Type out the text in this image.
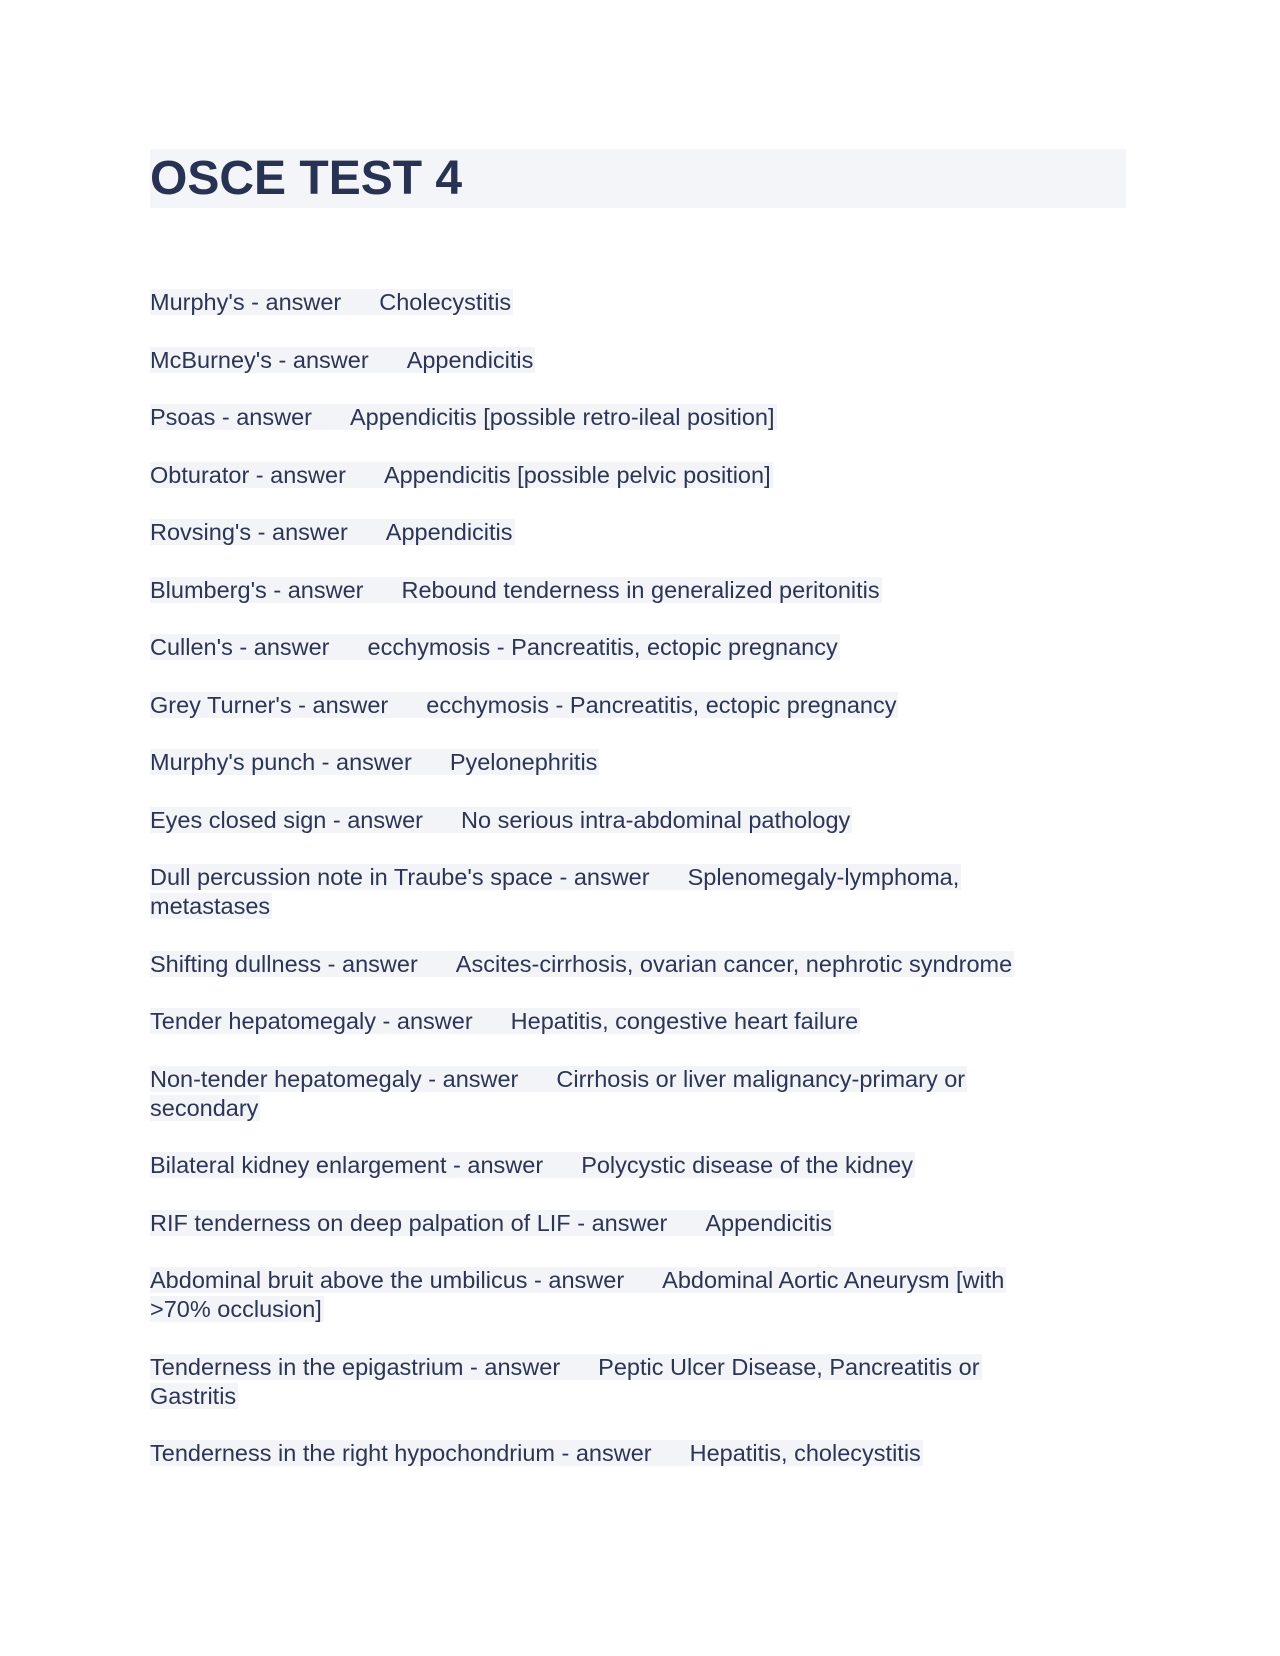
OSCE TEST 4
Murphy's - answer Cholecystitis
McBurney's - answer Appendicitis
Psoas - answer Appendicitis [possible retro-ileal position]
Obturator - answer Appendicitis [possible pelvic position]
Rovsing's - answer Appendicitis
Blumberg's - answer Rebound tenderness in generalized peritonitis
Cullen's - answer ecchymosis - Pancreatitis, ectopic pregnancy
Grey Turner's - answer ecchymosis - Pancreatitis, ectopic pregnancy
Murphy's punch - answer Pyelonephritis
Eyes closed sign - answer No serious intra-abdominal pathology
Dull percussion note in Traube's space - answer Splenomegaly-lymphoma, metastases
Shifting dullness - answer Ascites-cirrhosis, ovarian cancer, nephrotic syndrome
Tender hepatomegaly - answer Hepatitis, congestive heart failure
Non-tender hepatomegaly - answer Cirrhosis or liver malignancy-primary or secondary
Bilateral kidney enlargement - answer Polycystic disease of the kidney
RIF tenderness on deep palpation of LIF - answer Appendicitis
Abdominal bruit above the umbilicus - answer Abdominal Aortic Aneurysm [with >70% occlusion]
Tenderness in the epigastrium - answer Peptic Ulcer Disease, Pancreatitis or Gastritis
Tenderness in the right hypochondrium - answer Hepatitis, cholecystitis
